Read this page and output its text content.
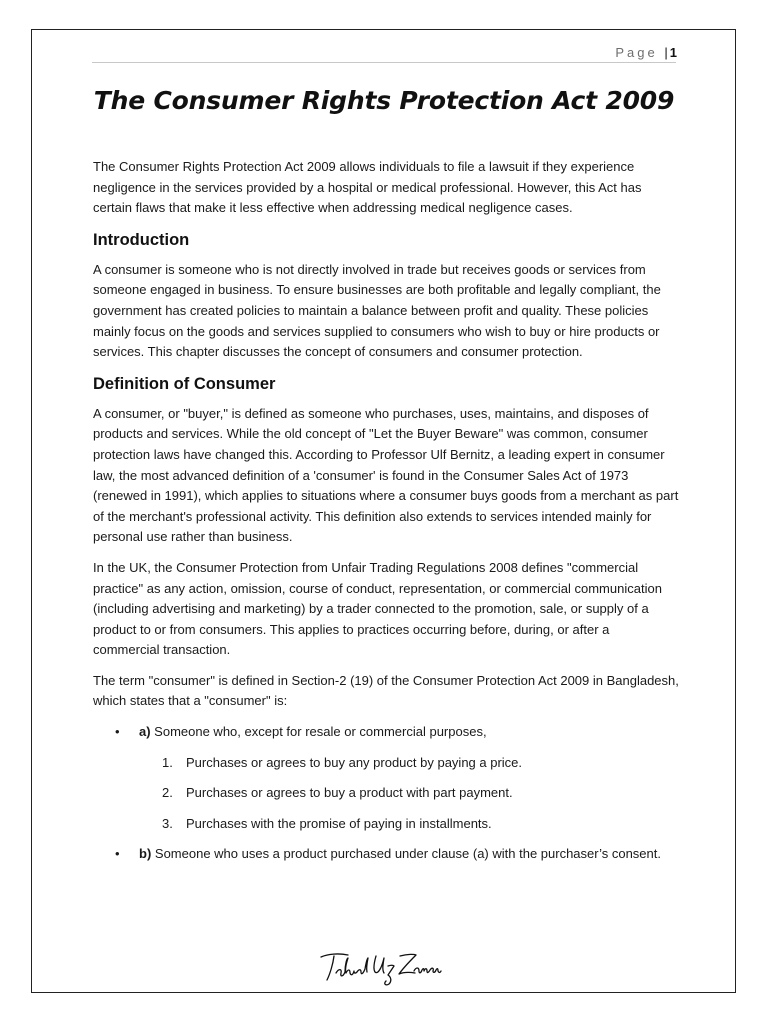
Page | 1
The Consumer Rights Protection Act 2009

The Consumer Rights Protection Act 2009 allows individuals to file a lawsuit if they experience negligence in the services provided by a hospital or medical professional. However, this Act has certain flaws that make it less effective when addressing medical negligence cases.

Introduction

A consumer is someone who is not directly involved in trade but receives goods or services from someone engaged in business. To ensure businesses are both profitable and legally compliant, the government has created policies to maintain a balance between profit and quality. These policies mainly focus on the goods and services supplied to consumers who wish to buy or hire products or services. This chapter discusses the concept of consumers and consumer protection.

Definition of Consumer

A consumer, or "buyer," is defined as someone who purchases, uses, maintains, and disposes of products and services. While the old concept of "Let the Buyer Beware" was common, consumer protection laws have changed this. According to Professor Ulf Bernitz, a leading expert in consumer law, the most advanced definition of a 'consumer' is found in the Consumer Sales Act of 1973 (renewed in 1991), which applies to situations where a consumer buys goods from a merchant as part of the merchant's professional activity. This definition also extends to services intended mainly for personal use rather than business.

In the UK, the Consumer Protection from Unfair Trading Regulations 2008 defines "commercial practice" as any action, omission, course of conduct, representation, or commercial communication (including advertising and marketing) by a trader connected to the promotion, sale, or supply of a product to or from consumers. This applies to practices occurring before, during, or after a commercial transaction.

The term "consumer" is defined in Section-2 (19) of the Consumer Protection Act 2009 in Bangladesh, which states that a "consumer" is:

• a) Someone who, except for resale or commercial purposes,
1. Purchases or agrees to buy any product by paying a price.
2. Purchases or agrees to buy a product with part payment.
3. Purchases with the promise of paying in installments.
• b) Someone who uses a product purchased under clause (a) with the purchaser’s consent.
